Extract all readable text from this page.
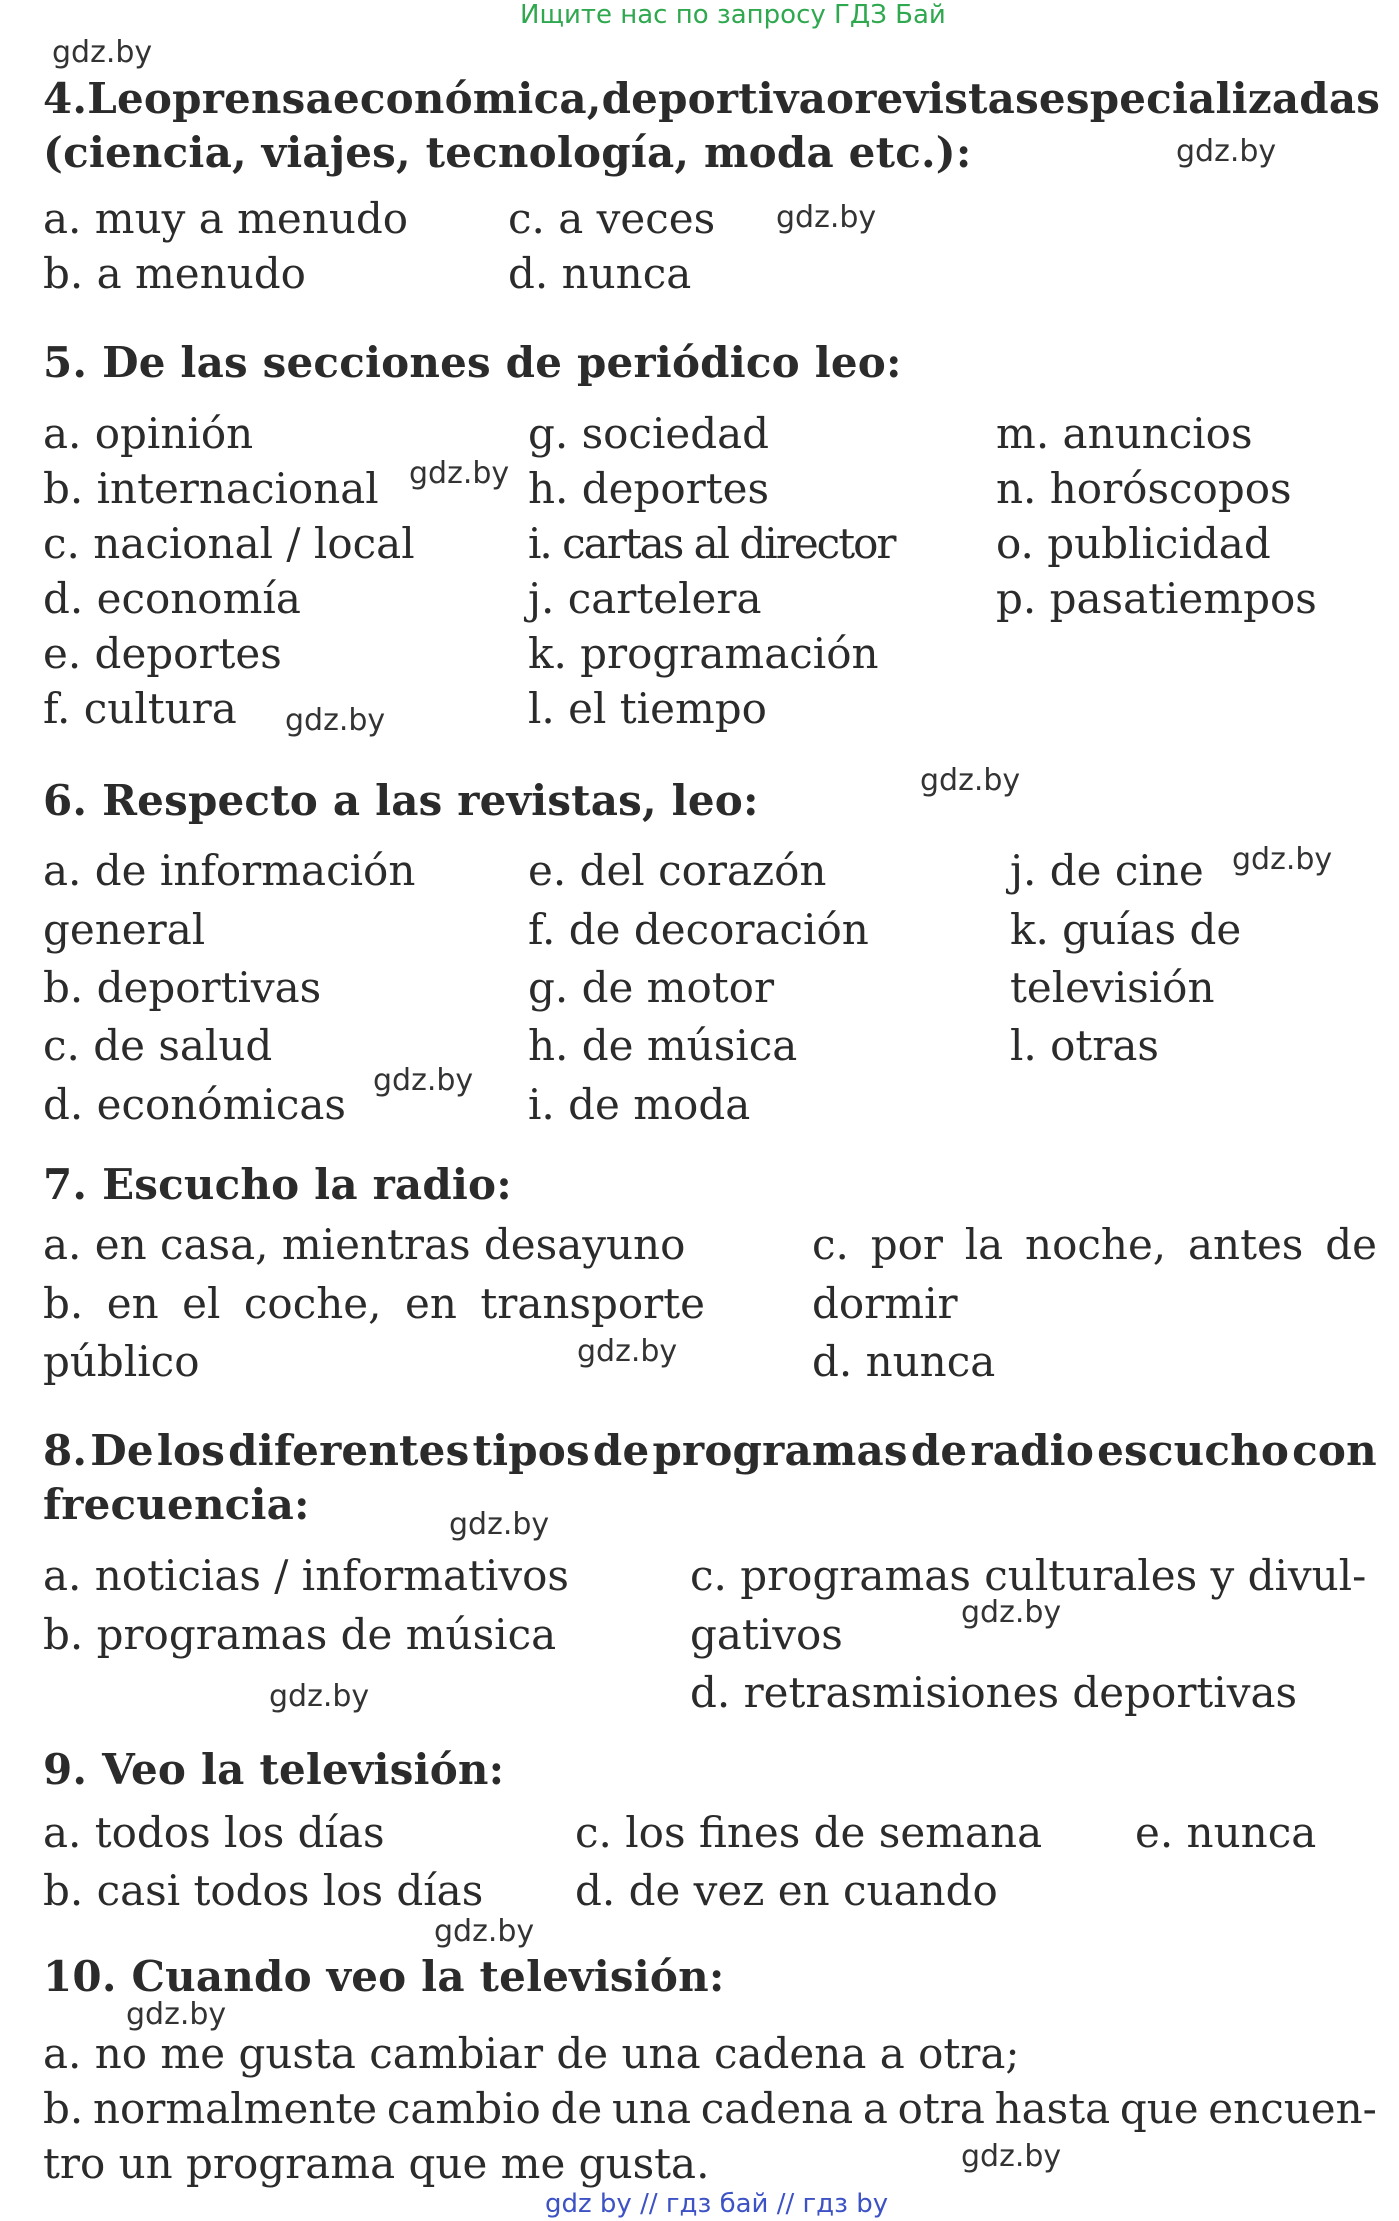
Ищите нас по запросу ГДЗ Бай
gdz.by
gdz.by
gdz.by
gdz.by
gdz.by
gdz.by
gdz.by
gdz.by
gdz.by
gdz.by
gdz.by
gdz.by
gdz.by
gdz.by
gdz.by
4. Leo prensa económica, deportiva o revistas especializadas
(ciencia, viajes, tecnología, moda etc.):
a. muy a menudo
b. a menudo
c. a veces
d. nunca
5. De las secciones de periódico leo:
a. opinión
b. internacional
c. nacional / local
d. economía
e. deportes
f. cultura
g. sociedad
h. deportes
i. cartas al director
j. cartelera
k. programación
l. el tiempo
m. anuncios
n. horóscopos
o. publicidad
p. pasatiempos
6. Respecto a las revistas, leo:
a. de información
general
b. deportivas
c. de salud
d. económicas
e. del corazón
f. de decoración
g. de motor
h. de música
i. de moda
j. de cine
k. guías de
televisión
l. otras
7. Escucho la radio:
a. en casa, mientras desayuno
b. en el coche, en transporte
público
c. por la noche, antes de
dormir
d. nunca
8. De los diferentes tipos de programas de radio escucho con
frecuencia:
a. noticias / informativos
b. programas de música
c. programas culturales y divul-
gativos
d. retrasmisiones deportivas
9. Veo la televisión:
a. todos los días
b. casi todos los días
c. los fines de semana
d. de vez en cuando
e. nunca
10. Cuando veo la televisión:
a. no me gusta cambiar de una cadena a otra;
b. normalmente cambio de una cadena a otra hasta que encuen-
tro un programa que me gusta.
gdz by // гдз бай // гдз by
